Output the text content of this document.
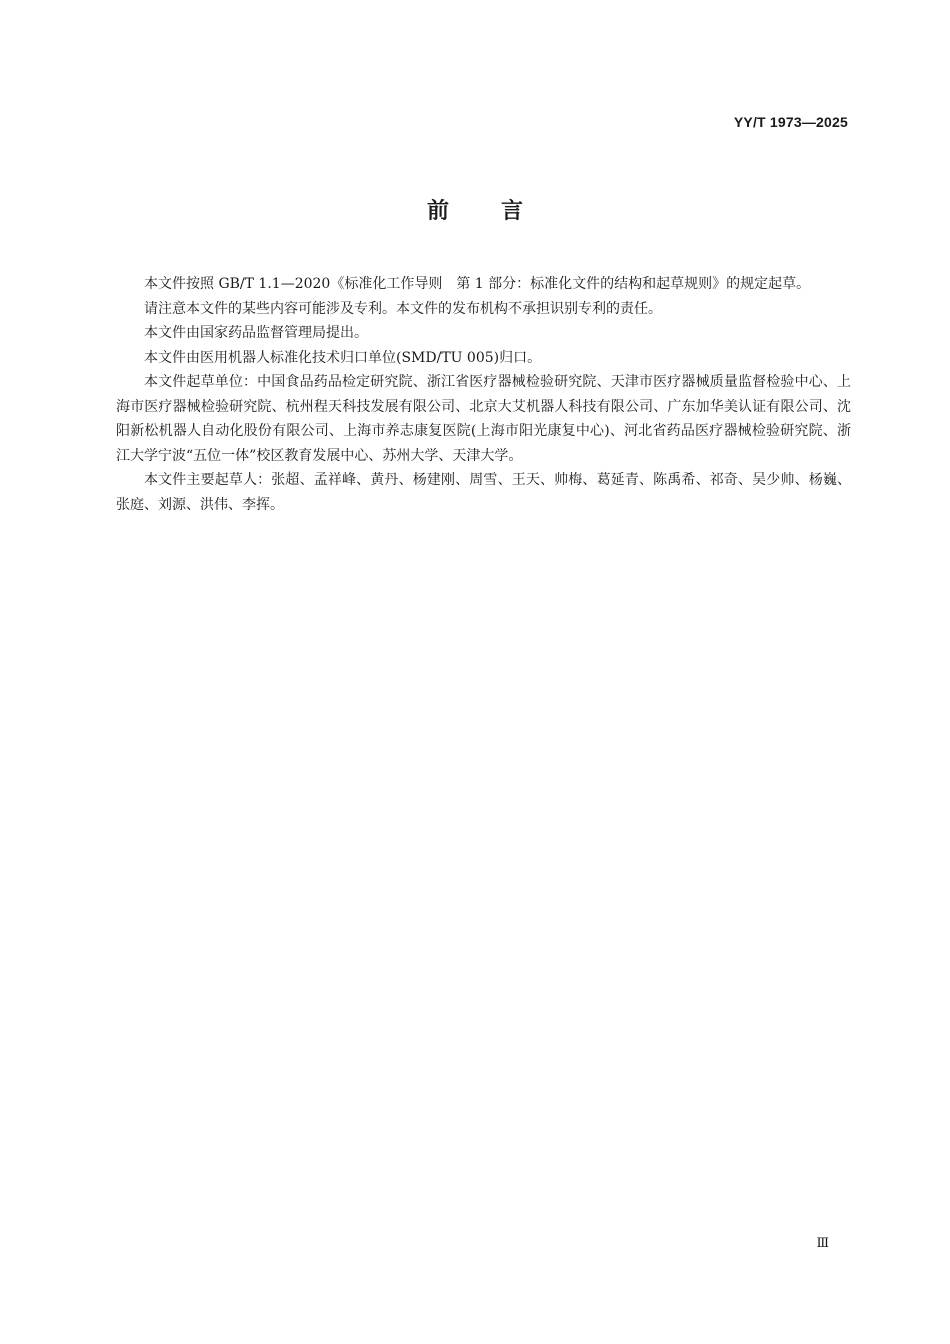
YY/T 1973—2025
前 言

本文件按照 GB/T 1.1—2020《标准化工作导则　第 1 部分：标准化文件的结构和起草规则》的规定起草。

请注意本文件的某些内容可能涉及专利。本文件的发布机构不承担识别专利的责任。

本文件由国家药品监督管理局提出。

本文件由医用机器人标准化技术归口单位(SMD/TU 005)归口。

本文件起草单位：中国食品药品检定研究院、浙江省医疗器械检验研究院、天津市医疗器械质量监督检验中心、上海市医疗器械检验研究院、杭州程天科技发展有限公司、北京大艾机器人科技有限公司、广东加华美认证有限公司、沈阳新松机器人自动化股份有限公司、上海市养志康复医院(上海市阳光康复中心)、河北省药品医疗器械检验研究院、浙江大学宁波“五位一体”校区教育发展中心、苏州大学、天津大学。

本文件主要起草人：张超、孟祥峰、黄丹、杨建刚、周雪、王天、帅梅、葛延青、陈禹希、祁奇、吴少帅、杨巍、张庭、刘源、洪伟、李挥。

Ⅲ
